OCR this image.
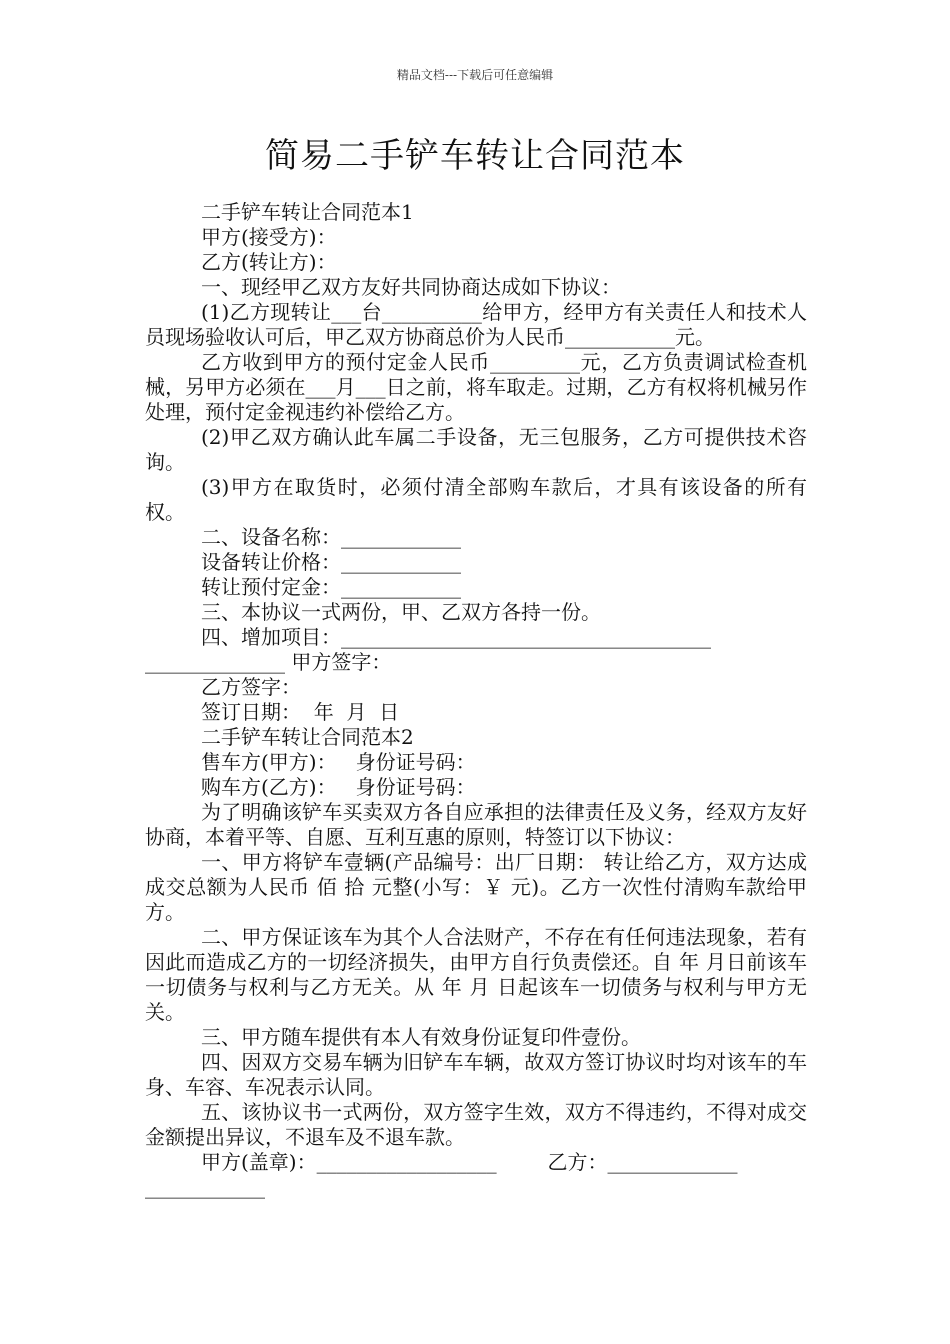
精品文档---下载后可任意编辑
简易二手铲车转让合同范本
二手铲车转让合同范本1
甲方(接受方)：
乙方(转让方)：
一、现经甲乙双方友好共同协商达成如下协议：
(1)乙方现转让___台__________给甲方，经甲方有关责任人和技术人员现场验收认可后，甲乙双方协商总价为人民币___________元。
乙方收到甲方的预付定金人民币_________元，乙方负责调试检查机械，另甲方必须在___月___日之前，将车取走。过期，乙方有权将机械另作处理，预付定金视违约补偿给乙方。
(2)甲乙双方确认此车属二手设备，无三包服务，乙方可提供技术咨询。
(3)甲方在取货时，必须付清全部购车款后，才具有该设备的所有权。
二、设备名称：____________
设备转让价格：____________
转让预付定金：____________
三、本协议一式两份，甲、乙双方各持一份。
四、增加项目：_____________________________________
______________ 甲方签字：
乙方签字：
签订日期：  年  月  日
二手铲车转让合同范本2
售车方(甲方)：   身份证号码：
购车方(乙方)：   身份证号码：
为了明确该铲车买卖双方各自应承担的法律责任及义务，经双方友好协商，本着平等、自愿、互利互惠的原则，特签订以下协议：
一、甲方将铲车壹辆(产品编号：出厂日期： 转让给乙方，双方达成成交总额为人民币 佰 拾 元整(小写：￥ 元)。乙方一次性付清购车款给甲方。
二、甲方保证该车为其个人合法财产，不存在有任何违法现象，若有因此而造成乙方的一切经济损失，由甲方自行负责偿还。自 年 月日前该车一切债务与权利与乙方无关。从 年 月 日起该车一切债务与权利与甲方无关。
三、甲方随车提供有本人有效身份证复印件壹份。
四、因双方交易车辆为旧铲车车辆，故双方签订协议时均对该车的车身、车容、车况表示认同。
五、该协议书一式两份，双方签字生效，双方不得违约，不得对成交金额提出异议，不退车及不退车款。
甲方(盖章)：__________________        乙方：_____________
____________
